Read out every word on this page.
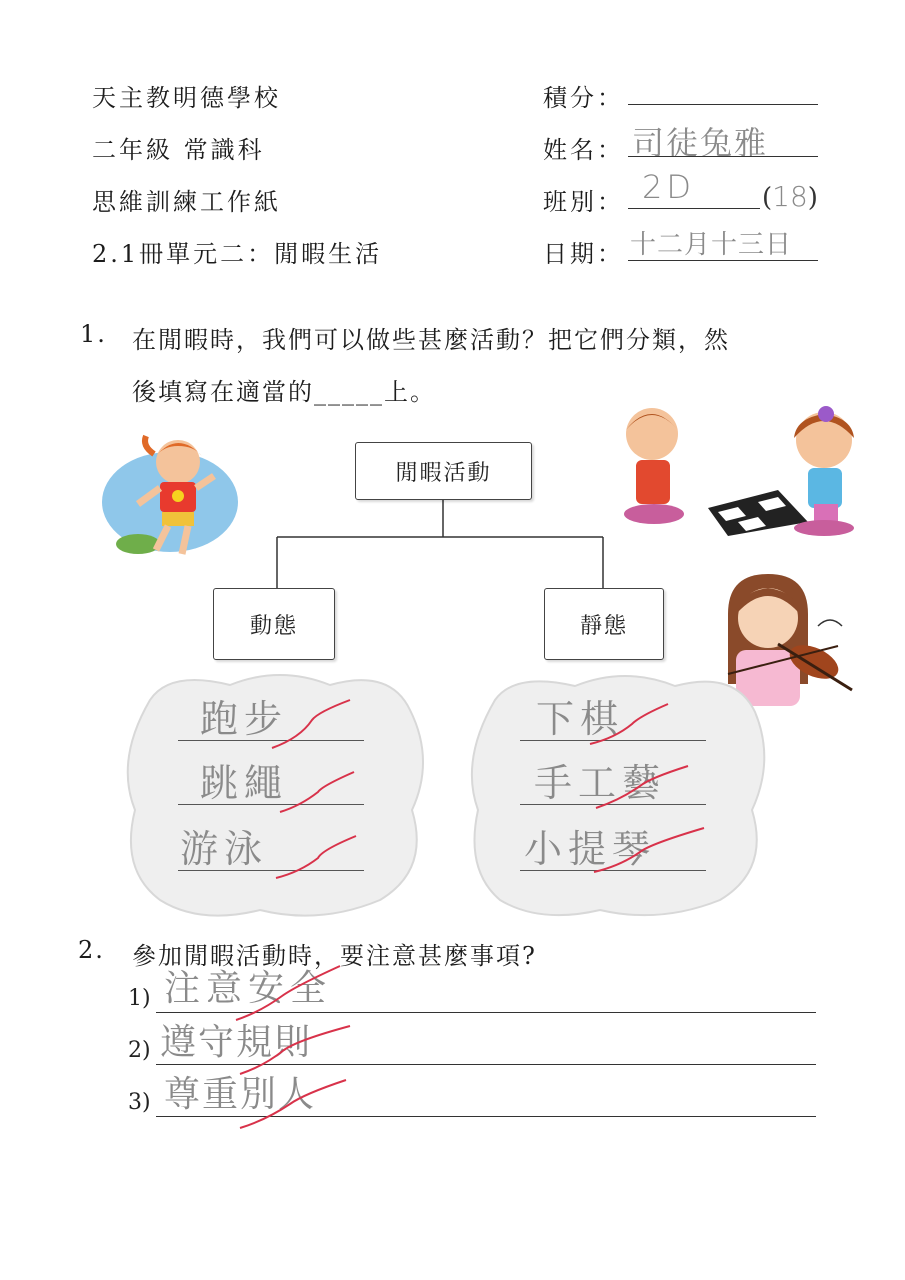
天主教明德學校
二年級 常識科
思維訓練工作紙
2.1冊單元二：閒暇生活
積分：
姓名： 司徒兔雅
班別： 2D	(18)
日期： 十二月十三日
1. 在閒暇時，我們可以做些甚麼活動？把它們分類，然
後填寫在適當的_____上。
閒暇活動
動態	靜態
跑步
跳繩
游泳
下棋
手工藝
小提琴
2. 參加閒暇活動時，要注意甚麼事項?
1) 注意安全
2) 遵守規則
3) 尊重別人
